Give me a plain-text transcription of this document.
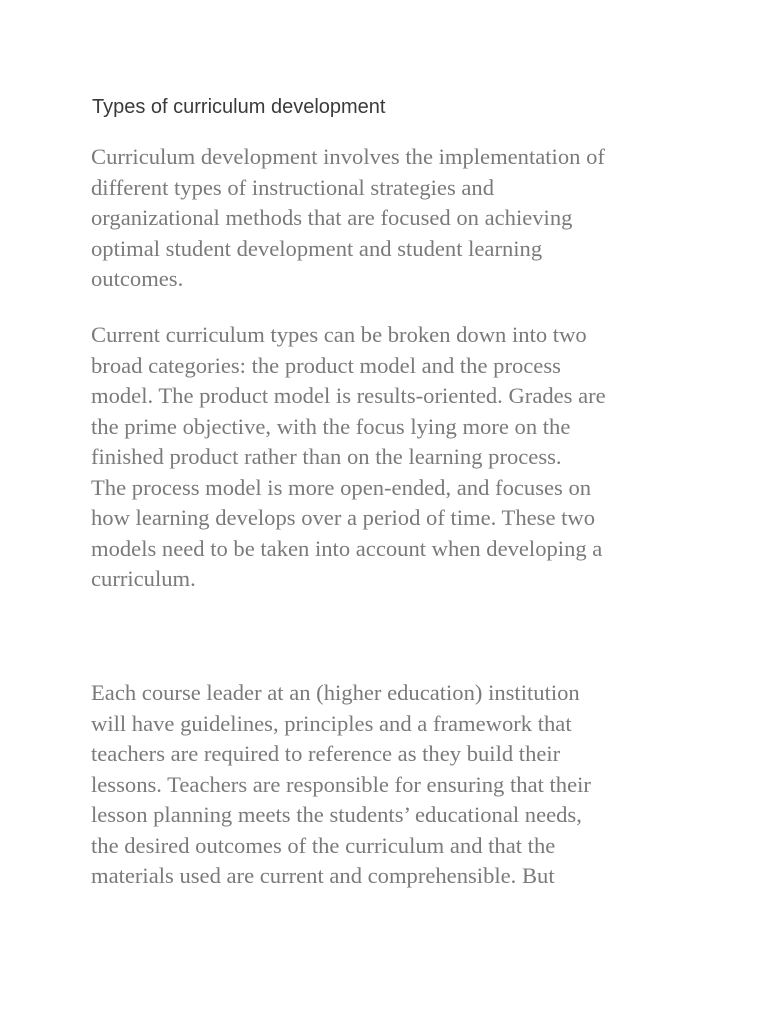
Types of curriculum development

Curriculum development involves the implementation of
different types of instructional strategies and
organizational methods that are focused on achieving
optimal student development and student learning
outcomes.

Current curriculum types can be broken down into two
broad categories: the product model and the process
model. The product model is results-oriented. Grades are
the prime objective, with the focus lying more on the
finished product rather than on the learning process.
The process model is more open-ended, and focuses on
how learning develops over a period of time. These two
models need to be taken into account when developing a
curriculum.

Each course leader at an (higher education) institution
will have guidelines, principles and a framework that
teachers are required to reference as they build their
lessons. Teachers are responsible for ensuring that their
lesson planning meets the students’ educational needs,
the desired outcomes of the curriculum and that the
materials used are current and comprehensible. But
